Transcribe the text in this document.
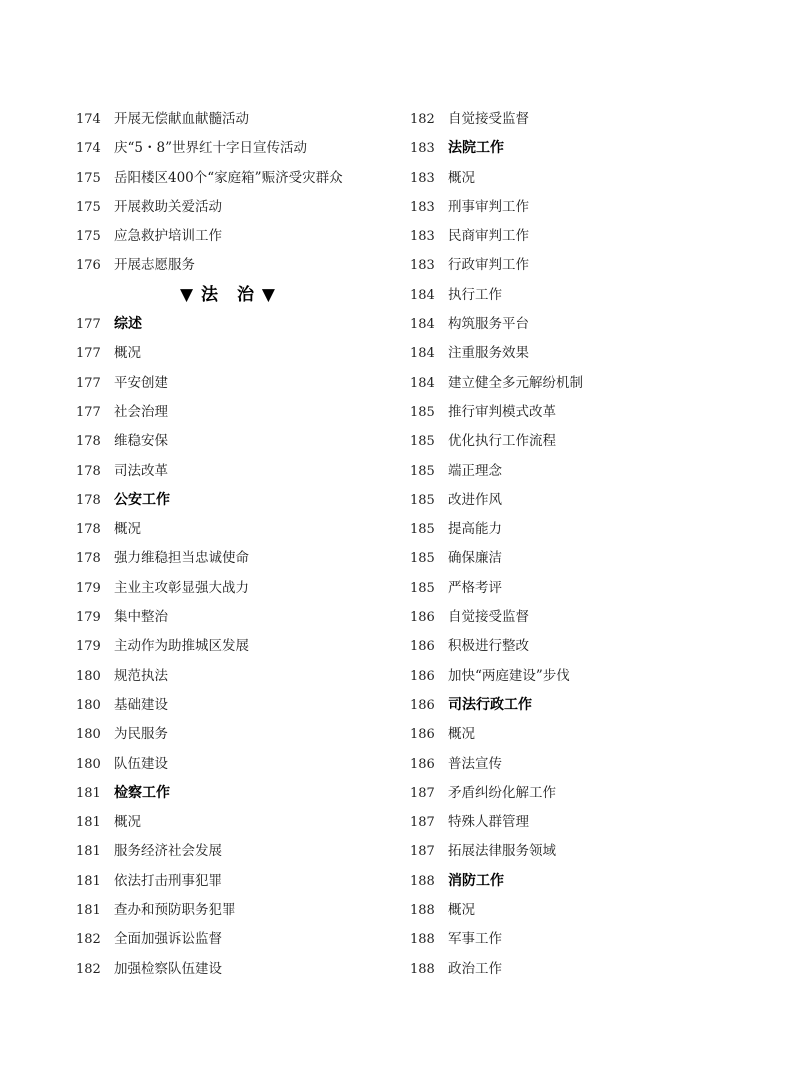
174 开展无偿献血献髓活动
174 庆“5・8”世界红十字日宣传活动
175 岳阳楼区400个“家庭箱”赈济受灾群众
175 开展救助关爱活动
175 应急救护培训工作
176 开展志愿服务
▼ 法　治 ▼
177 综述
177 概况
177 平安创建
177 社会治理
178 维稳安保
178 司法改革
178 公安工作
178 概况
178 强力维稳担当忠诚使命
179 主业主攻彰显强大战力
179 集中整治
179 主动作为助推城区发展
180 规范执法
180 基础建设
180 为民服务
180 队伍建设
181 检察工作
181 概况
181 服务经济社会发展
181 依法打击刑事犯罪
181 查办和预防职务犯罪
182 全面加强诉讼监督
182 加强检察队伍建设
182 自觉接受监督
183 法院工作
183 概况
183 刑事审判工作
183 民商审判工作
183 行政审判工作
184 执行工作
184 构筑服务平台
184 注重服务效果
184 建立健全多元解纷机制
185 推行审判模式改革
185 优化执行工作流程
185 端正理念
185 改进作风
185 提高能力
185 确保廉洁
185 严格考评
186 自觉接受监督
186 积极进行整改
186 加快“两庭建设”步伐
186 司法行政工作
186 概况
186 普法宣传
187 矛盾纠纷化解工作
187 特殊人群管理
187 拓展法律服务领域
188 消防工作
188 概况
188 军事工作
188 政治工作
